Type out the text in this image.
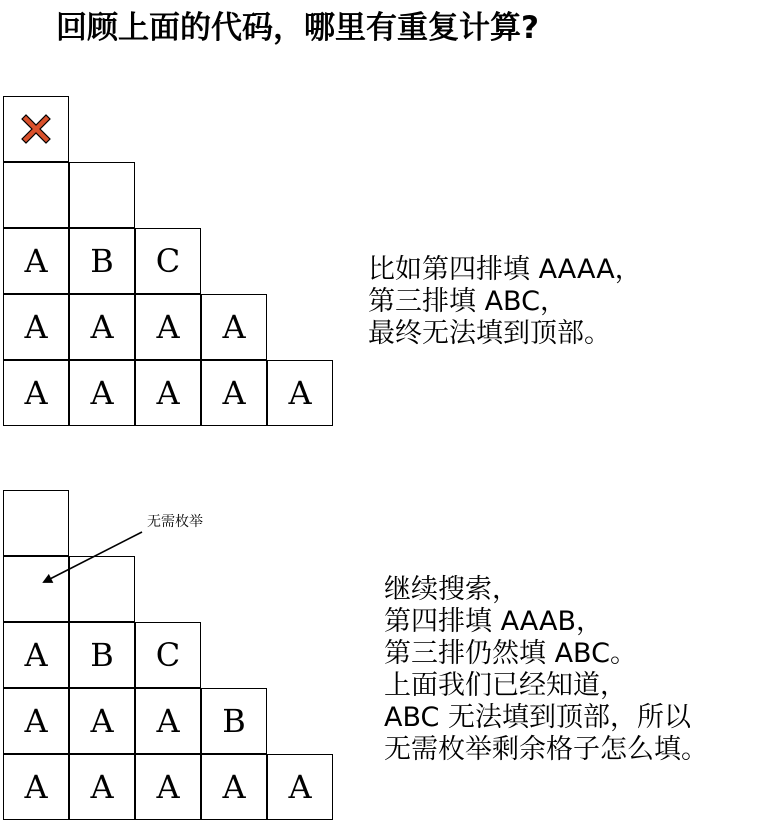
回顾上面的代码，哪里有重复计算?
A B C
A A A A
A A A A A
A B C
A A A B
A A A A A
比如第四排填 AAAA，
第三排填 ABC，
最终无法填到顶部。
继续搜索，
第四排填 AAAB，
第三排仍然填 ABC。
上面我们已经知道，
ABC 无法填到顶部，所以
无需枚举剩余格子怎么填。
无需枚举
